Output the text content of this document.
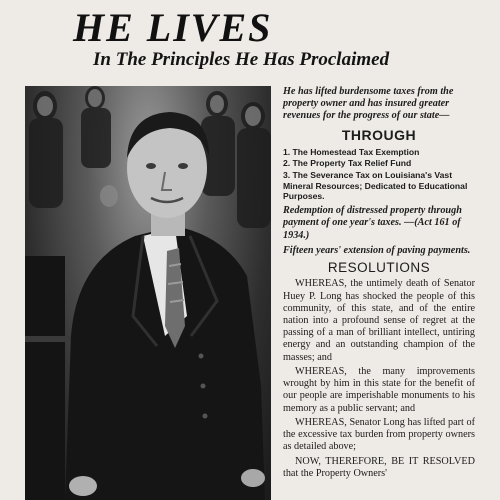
HE LIVES
In The Principles He Has Proclaimed

He has lifted burdensome taxes from the property owner and has insured greater revenues for the progress of our state—

THROUGH
1. The Homestead Tax Exemption
2. The Property Tax Relief Fund
3. The Severance Tax on Louisiana's Vast Mineral Resources; Dedicated to Educational Purposes.

Redemption of distressed property through payment of one year's taxes. —(Act 161 of 1934.)

Fifteen years' extension of paving payments.

RESOLUTIONS

WHEREAS, the untimely death of Senator Huey P. Long has shocked the people of this community, of this state, and of the entire nation into a profound sense of regret at the passing of a man of brilliant intellect, untiring energy and an outstanding champion of the masses; and

WHEREAS, the many improvements wrought by him in this state for the benefit of our people are imperishable monuments to his memory as a public servant; and

WHEREAS, Senator Long has lifted part of the excessive tax burden from property owners as detailed above;

NOW, THEREFORE, BE IT RESOLVED that the Property Owners'
